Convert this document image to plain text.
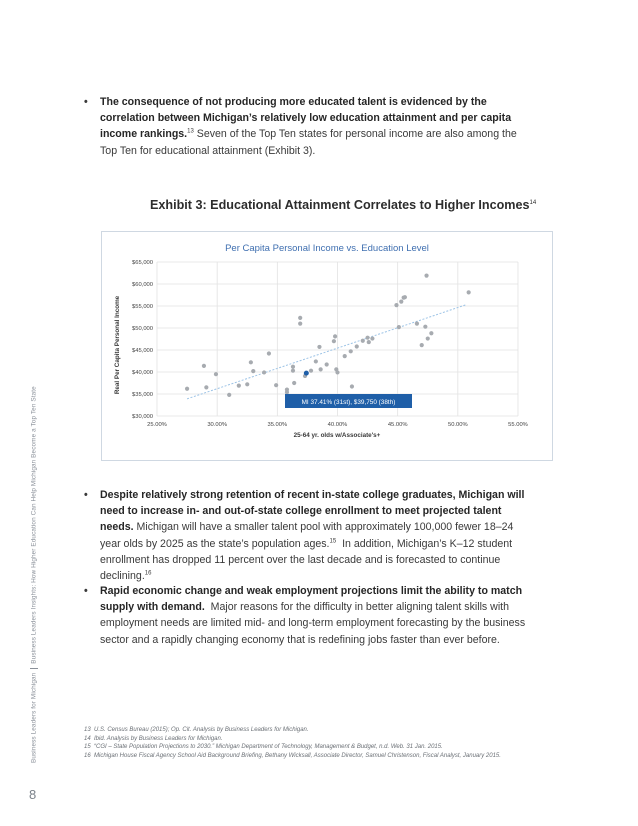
Business Leaders for MichiganBusiness Leaders Insights: How Higher Education Can Help Michigan Become a Top Ten State
8
• The consequence of not producing more educated talent is evidenced by the correlation between Michigan’s relatively low education attainment and per capita income rankings.$^{13}$ Seven of the Top Ten states for personal income are also among the Top Ten for educational attainment (Exhibit 3).
Exhibit 3: Educational Attainment Correlates to Higher Incomes$^{14}$
Per Capita Personal Income vs. Education Level
$30,000
$35,000
$40,000
$45,000
$50,000
$55,000
$60,000
$65,000
25.00%	30.00%	35.00%	40.00%	45.00%	50.00%	55.00%
25-64 yr. olds w/Associate's+
Real Per Capita Personal Income
MI 37.41% (31st), $39,750 (38th)
• Despite relatively strong retention of recent in-state college graduates, Michigan will need to increase in- and out-of-state college enrollment to meet projected talent needs. Michigan will have a smaller talent pool with approximately 100,000 fewer 18–24 year olds by 2025 as the state’s population ages.$^{15}$ In addition, Michigan’s K–12 student enrollment has dropped 11 percent over the last decade and is forecasted to continue declining.$^{16}$
• Rapid economic change and weak employment projections limit the ability to match supply with demand. Major reasons for the difficulty in better aligning talent skills with employment needs are limited mid- and long-term employment forecasting by the business sector and a rapidly changing economy that is redefining jobs faster than ever before.
13  U.S. Census Bureau (2015); Op. Cit. Analysis by Business Leaders for Michigan.
14  Ibid. Analysis by Business Leaders for Michigan.
15  “CGI – State Population Projections to 2030.” Michigan Department of Technology, Management & Budget, n.d. Web. 31 Jan. 2015.
16  Michigan House Fiscal Agency School Aid Background Briefing, Bethany Wicksall, Associate Director, Samuel Christenson, Fiscal Analyst, January 2015.
